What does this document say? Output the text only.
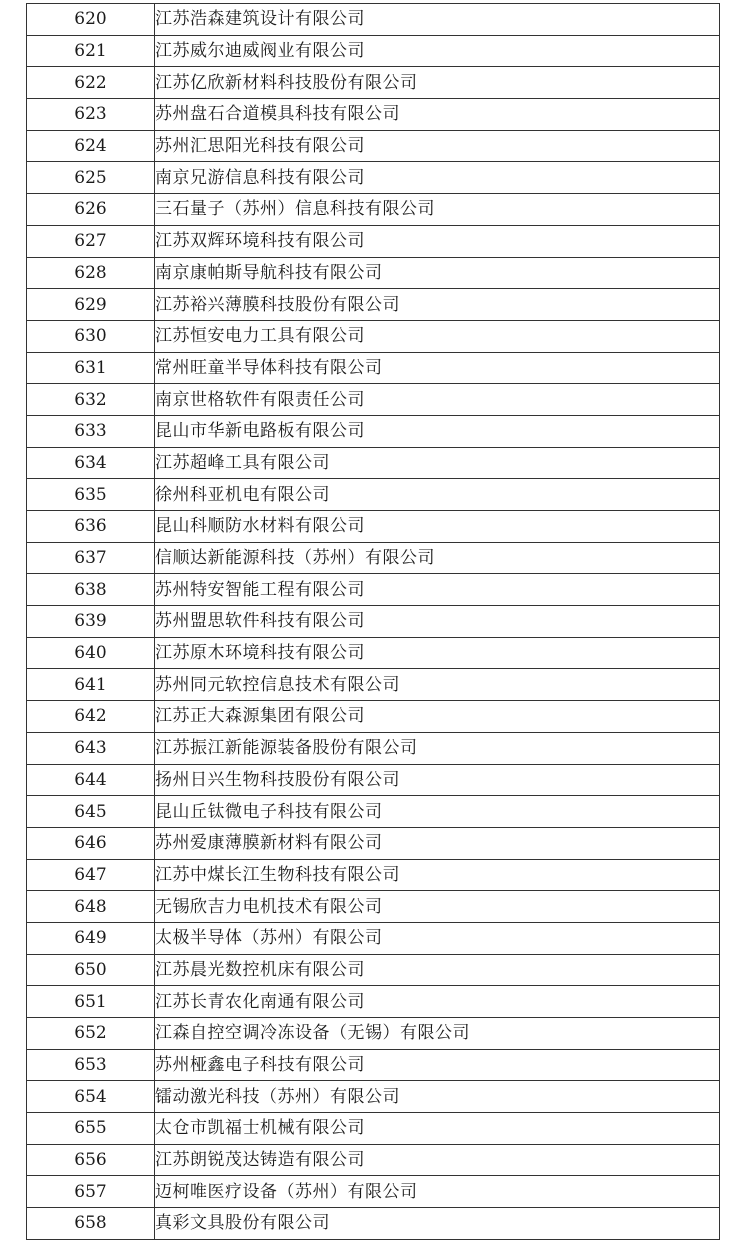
620	江苏浩森建筑设计有限公司
621	江苏威尔迪威阀业有限公司
622	江苏亿欣新材料科技股份有限公司
623	苏州盘石合道模具科技有限公司
624	苏州汇思阳光科技有限公司
625	南京兄游信息科技有限公司
626	三石量子（苏州）信息科技有限公司
627	江苏双辉环境科技有限公司
628	南京康帕斯导航科技有限公司
629	江苏裕兴薄膜科技股份有限公司
630	江苏恒安电力工具有限公司
631	常州旺童半导体科技有限公司
632	南京世格软件有限责任公司
633	昆山市华新电路板有限公司
634	江苏超峰工具有限公司
635	徐州科亚机电有限公司
636	昆山科顺防水材料有限公司
637	信顺达新能源科技（苏州）有限公司
638	苏州特安智能工程有限公司
639	苏州盟思软件科技有限公司
640	江苏原木环境科技有限公司
641	苏州同元软控信息技术有限公司
642	江苏正大森源集团有限公司
643	江苏振江新能源装备股份有限公司
644	扬州日兴生物科技股份有限公司
645	昆山丘钛微电子科技有限公司
646	苏州爱康薄膜新材料有限公司
647	江苏中煤长江生物科技有限公司
648	无锡欣吉力电机技术有限公司
649	太极半导体（苏州）有限公司
650	江苏晨光数控机床有限公司
651	江苏长青农化南通有限公司
652	江森自控空调冷冻设备（无锡）有限公司
653	苏州桠鑫电子科技有限公司
654	镭动激光科技（苏州）有限公司
655	太仓市凯福士机械有限公司
656	江苏朗锐茂达铸造有限公司
657	迈柯唯医疗设备（苏州）有限公司
658	真彩文具股份有限公司
